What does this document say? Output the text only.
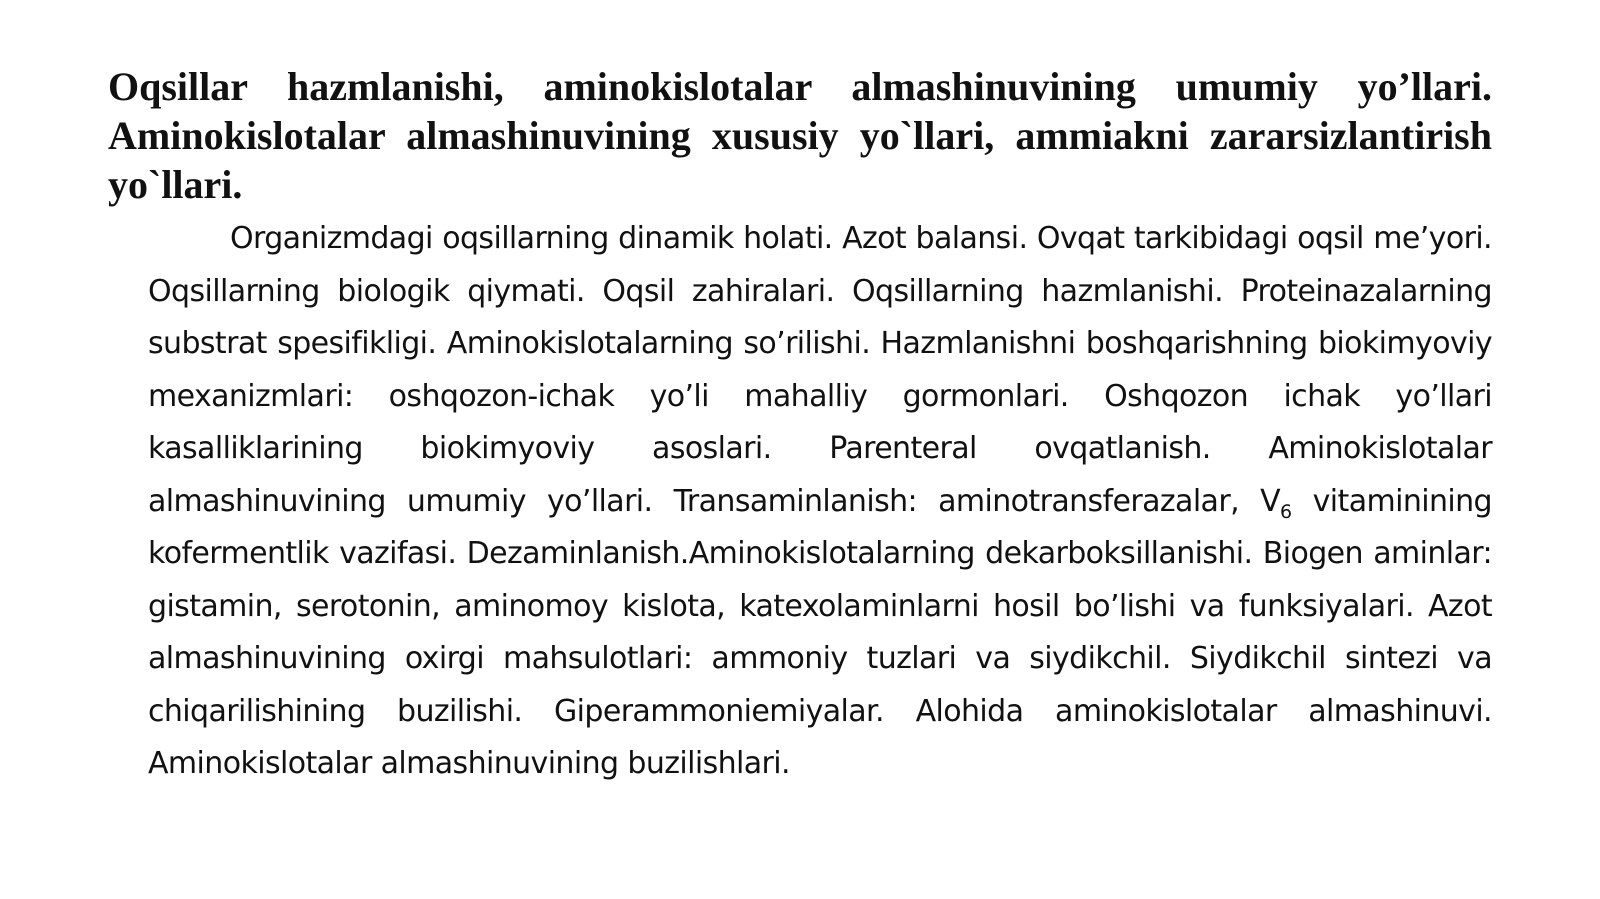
Oqsillar hazmlanishi, aminokislotalar almashinuvining umumiy yo’llari. Aminokislotalar almashinuvining xususiy yo`llari, ammiakni zararsizlantirish yo`llari.

Organizmdagi oqsillarning dinamik holati. Azot balansi. Ovqat tarkibidagi oqsil me’yori. Oqsillarning biologik qiymati. Oqsil zahiralari. Oqsillarning hazmlanishi. Proteinazalarning substrat spesifikligi. Aminokislotalarning so’rilishi. Hazmlanishni boshqarishning biokimyoviy mexanizmlari: oshqozon-ichak yo’li mahalliy gormonlari. Oshqozon ichak yo’llari kasalliklarining biokimyoviy asoslari. Parenteral ovqatlanish. Aminokislotalar almashinuvining umumiy yo’llari. Transaminlanish: aminotransferazalar, $V_6$ vitaminining kofermentlik vazifasi. Dezaminlanish.Aminokislotalarning dekarboksillanishi. Biogen aminlar: gistamin, serotonin, aminomoy kislota, katexolaminlarni hosil bo’lishi va funksiyalari. Azot almashinuvining oxirgi mahsulotlari: ammoniy tuzlari va siydikchil. Siydikchil sintezi va chiqarilishining buzilishi. Giperammoniemiyalar. Alohida aminokislotalar almashinuvi. Aminokislotalar almashinuvining buzilishlari.
